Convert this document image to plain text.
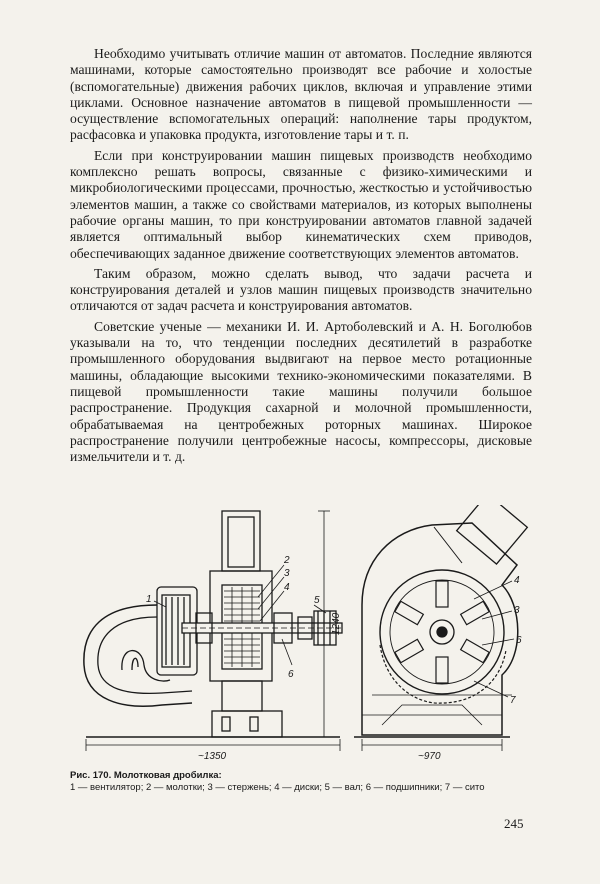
Необходимо учитывать отличие машин от автоматов. Последние являются машинами, которые самостоятельно производят все рабочие и холостые (вспомогательные) движения рабочих циклов, включая и управление этими циклами. Основное назначение автоматов в пищевой промышленности — осуществление вспомогательных операций: наполнение тары продуктом, расфасовка и упаковка продукта, изготовление тары и т. п.

Если при конструировании машин пищевых производств необходимо комплексно решать вопросы, связанные с физико-химическими и микробиологическими процессами, прочностью, жесткостью и устойчивостью элементов машин, а также со свойствами материалов, из которых выполнены рабочие органы машин, то при конструировании автоматов главной задачей является оптимальный выбор кинематических схем приводов, обеспечивающих заданное движение соответствующих элементов автоматов.

Таким образом, можно сделать вывод, что задачи расчета и конструирования деталей и узлов машин пищевых производств значительно отличаются от задач расчета и конструирования автоматов.

Советские ученые — механики И. И. Артоболевский и А. Н. Боголюбов указывали на то, что тенденции последних десятилетий в разработке промышленного оборудования выдвигают на первое место ротационные машины, обладающие высокими технико-экономическими показателями. В пищевой промышленности такие машины получили большое распространение. Продукция сахарной и молочной промышленности, обрабатываемая на центробежных роторных машинах. Широкое распространение получили центробежные насосы, компрессоры, дисковые измельчители и т. д.

1
2
3
4
5
6
1240
~1350
4
3
6
7
~970
Рис. 170. Молотковая дробилка:
1 — вентилятор; 2 — молотки; 3 — стержень; 4 — диски; 5 — вал; 6 — подшипники; 7 — сито
245
